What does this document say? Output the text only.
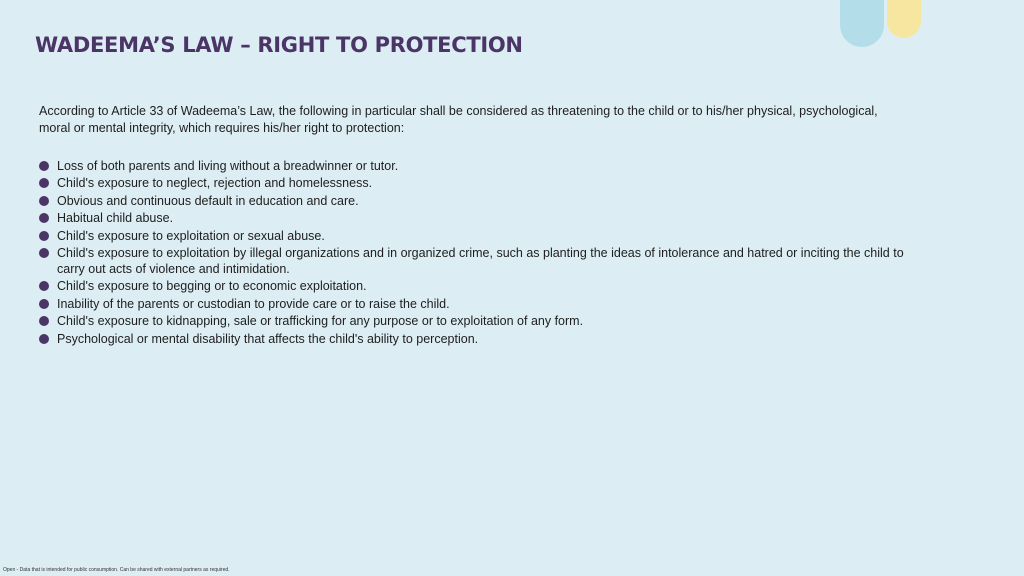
WADEEMA’S LAW – RIGHT TO PROTECTION

According to Article 33 of Wadeema’s Law, the following in particular shall be considered as threatening to the child or to his/her physical, psychological, moral or mental integrity, which requires his/her right to protection:

Loss of both parents and living without a breadwinner or tutor.
Child's exposure to neglect, rejection and homelessness.
Obvious and continuous default in education and care.
Habitual child abuse.
Child's exposure to exploitation or sexual abuse.
Child's exposure to exploitation by illegal organizations and in organized crime, such as planting the ideas of intolerance and hatred or inciting the child to carry out acts of violence and intimidation.
Child's exposure to begging or to economic exploitation.
Inability of the parents or custodian to provide care or to raise the child.
Child's exposure to kidnapping, sale or trafficking for any purpose or to exploitation of any form.
Psychological or mental disability that affects the child's ability to perception.

Open - Data that is intended for public consumption. Can be shared with external partners as required.
